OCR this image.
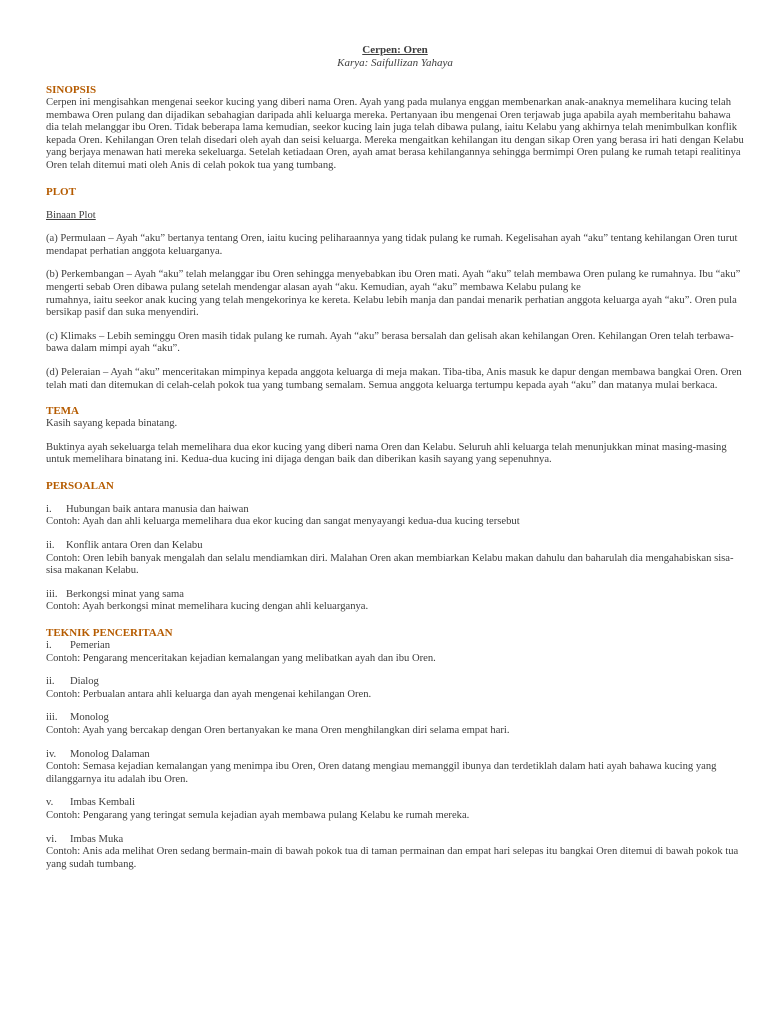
Cerpen: Oren

Karya: Saifullizan Yahaya

SINOPSIS

Cerpen ini mengisahkan mengenai seekor kucing yang diberi nama Oren. Ayah yang pada mulanya enggan membenarkan anak-anaknya memelihara kucing telah membawa Oren pulang dan dijadikan sebahagian daripada ahli keluarga mereka. Pertanyaan ibu mengenai Oren terjawab juga apabila ayah memberitahu bahawa dia telah melanggar ibu Oren. Tidak beberapa lama kemudian, seekor kucing lain juga telah dibawa pulang, iaitu Kelabu yang akhirnya telah menimbulkan konflik kepada Oren. Kehilangan Oren telah disedari oleh ayah dan seisi keluarga. Mereka mengaitkan kehilangan itu dengan sikap Oren yang berasa iri hati dengan Kelabu yang berjaya menawan hati mereka sekeluarga. Setelah ketiadaan Oren, ayah amat berasa kehilangannya sehingga bermimpi Oren pulang ke rumah tetapi realitinya Oren telah ditemui mati oleh Anis di celah pokok tua yang tumbang.

PLOT

Binaan Plot

(a) Permulaan – Ayah “aku” bertanya tentang Oren, iaitu kucing peliharaannya yang tidak pulang ke rumah. Kegelisahan ayah “aku” tentang kehilangan Oren turut mendapat perhatian anggota keluarganya.

(b) Perkembangan – Ayah “aku” telah melanggar ibu Oren sehingga menyebabkan ibu Oren mati. Ayah “aku” telah membawa Oren pulang ke rumahnya. Ibu “aku” mengerti sebab Oren dibawa pulang setelah mendengar alasan ayah “aku. Kemudian, ayah “aku” membawa Kelabu pulang ke

rumahnya, iaitu seekor anak kucing yang telah mengekorinya ke kereta. Kelabu lebih manja dan pandai menarik perhatian anggota keluarga ayah “aku”. Oren pula bersikap pasif dan suka menyendiri.

(c) Klimaks – Lebih seminggu Oren masih tidak pulang ke rumah. Ayah “aku” berasa bersalah dan gelisah akan kehilangan Oren. Kehilangan Oren telah terbawa-bawa dalam mimpi ayah “aku”.

(d) Peleraian – Ayah “aku” menceritakan mimpinya kepada anggota keluarga di meja makan. Tiba-tiba, Anis masuk ke dapur dengan membawa bangkai Oren. Oren telah mati dan ditemukan di celah-celah pokok tua yang tumbang semalam. Semua anggota keluarga tertumpu kepada ayah “aku” dan matanya mulai berkaca.

TEMA

Kasih sayang kepada binatang.

Buktinya ayah sekeluarga telah memelihara dua ekor kucing yang diberi nama Oren dan Kelabu. Seluruh ahli keluarga telah menunjukkan minat masing-masing untuk memelihara binatang ini. Kedua-dua kucing ini dijaga dengan baik dan diberikan kasih sayang yang sepenuhnya.

PERSOALAN

i. Hubungan baik antara manusia dan haiwan

Contoh: Ayah dan ahli keluarga memelihara dua ekor kucing dan sangat menyayangi kedua-dua kucing tersebut

ii. Konflik antara Oren dan Kelabu

Contoh: Oren lebih banyak mengalah dan selalu mendiamkan diri. Malahan Oren akan membiarkan Kelabu makan dahulu dan baharulah dia mengahabiskan sisa-sisa makanan Kelabu.

iii. Berkongsi minat yang sama

Contoh: Ayah berkongsi minat memelihara kucing dengan ahli keluarganya.

TEKNIK PENCERITAAN

i. Pemerian

Contoh: Pengarang menceritakan kejadian kemalangan yang melibatkan ayah dan ibu Oren.

ii. Dialog

Contoh: Perbualan antara ahli keluarga dan ayah mengenai kehilangan Oren.

iii. Monolog

Contoh: Ayah yang bercakap dengan Oren bertanyakan ke mana Oren menghilangkan diri selama empat hari.

iv. Monolog Dalaman

Contoh: Semasa kejadian kemalangan yang menimpa ibu Oren, Oren datang mengiau memanggil ibunya dan terdetiklah dalam hati ayah bahawa kucing yang dilanggarnya itu adalah ibu Oren.

v. Imbas Kembali

Contoh: Pengarang yang teringat semula kejadian ayah membawa pulang Kelabu ke rumah mereka.

vi. Imbas Muka

Contoh: Anis ada melihat Oren sedang bermain-main di bawah pokok tua di taman permainan dan empat hari selepas itu bangkai Oren ditemui di bawah pokok tua yang sudah tumbang.
